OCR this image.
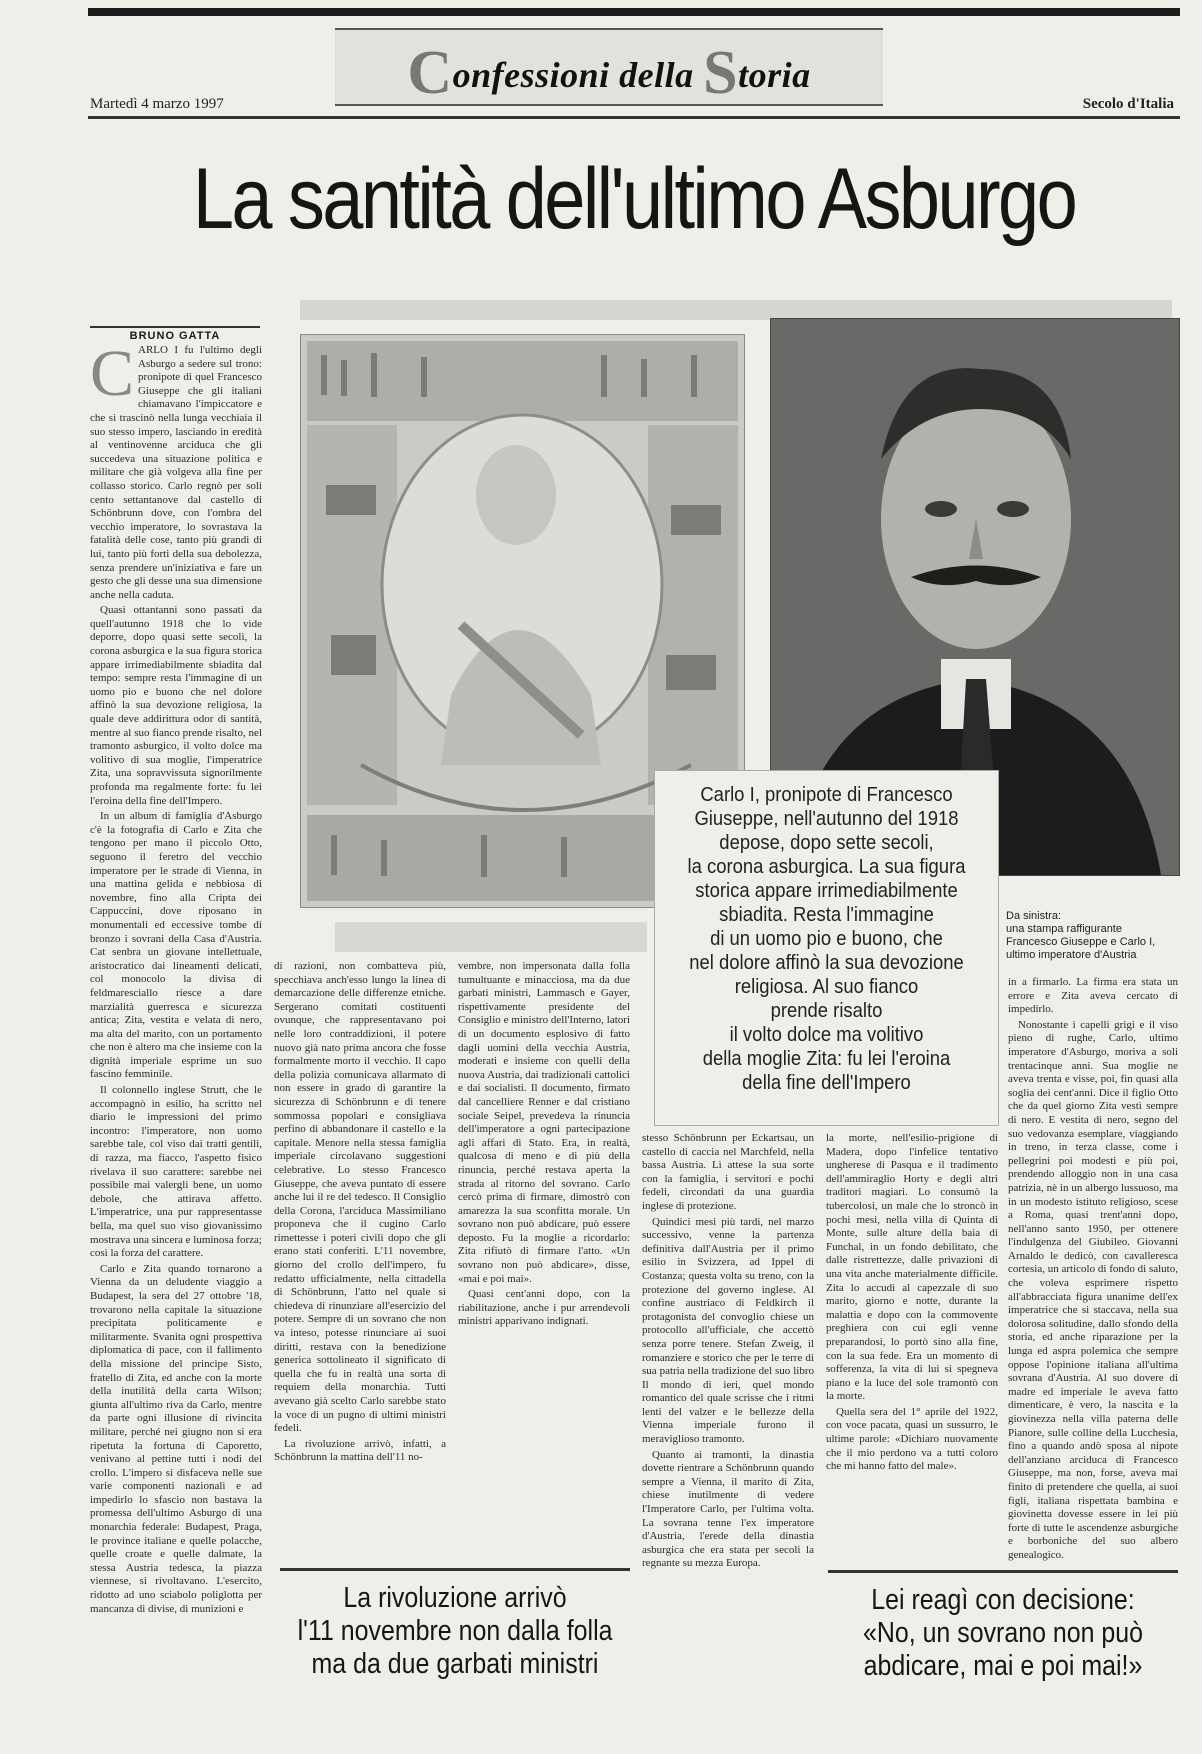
Confessioni della Storia
Martedì 4 marzo 1997	Secolo d'Italia
La santità dell'ultimo Asburgo
BRUNO GATTA
C ARLO I fu l'ultimo degli Asburgo a sedere sul trono: pronipote di quel Francesco Giuseppe che gli italiani chiamavano l'impiccatore e che si trascinò nella lunga vecchiaia il suo stesso impero, lasciando in eredità al ventinovenne arciduca che gli succedeva una situazione politica e militare che già volgeva alla fine per collasso storico. Carlo regnò per soli cento settantanove dal castello di Schönbrunn dove, con l'ombra del vecchio imperatore, lo sovrastava la fatalità delle cose, tanto più grandi di lui, tanto più forti della sua debolezza, senza prendere un'iniziativa e fare un gesto che gli desse una sua dimensione anche nella caduta.

Quasi ottantanni sono passati da quell'autunno 1918 che lo vide deporre, dopo quasi sette secoli, la corona asburgica e la sua figura storica appare irrimediabilmente sbiadita dal tempo: sempre resta l'immagine di un uomo pio e buono che nel dolore affinò la sua devozione religiosa, la quale deve addirittura odor di santità, mentre al suo fianco prende risalto, nel tramonto asburgico, il volto dolce ma volitivo di sua moglie, l'imperatrice Zita, una sopravvissuta signorilmente profonda ma regalmente forte: fu lei l'eroina della fine dell'Impero.

In un album di famiglia d'Asburgo c'è la fotografia di Carlo e Zita che tengono per mano il piccolo Otto, seguono il feretro del vecchio imperatore per le strade di Vienna, in una mattina gelida e nebbiosa di novembre, fino alla Cripta dei Cappuccini, dove riposano in monumentali ed eccessive tombe di bronzo i sovrani della Casa d'Austria. Cat senbra un giovane intellettuale, aristocratico dai lineamenti delicati, col monocolo la divisa di feldmaresciallo riesce a dare marzialità guerresca e sicurezza antica; Zita, vestita e velata di nero, ma alta del marito, con un portamento che non è altero ma che insieme con la dignità imperiale esprime un suo fascino femminile.

Il colonnello inglese Strutt, che le accompagnò in esilio, ha scritto nel diario le impressioni del primo incontro: l'imperatore, non uomo sarebbe tale, col viso dai tratti gentili, di razza, ma fiacco, l'aspetto fisico rivelava il suo carattere: sarebbe nei possibile mai valergli bene, un uomo debole, che attirava affetto. L'imperatrice, una pur rappresentasse bella, ma quel suo viso giovanissimo mostrava una sincera e luminosa forza; così la forza del carattere.

Carlo e Zita quando tornarono a Vienna da un deludente viaggio a Budapest, la sera del 27 ottobre '18, trovarono nella capitale la situazione precipitata politicamente e militarmente. Svanita ogni prospettiva diplomatica di pace, con il fallimento della missione del principe Sisto, fratello di Zita, ed anche con la morte della inutilità della carta Wilson; giunta all'ultimo riva da Carlo, mentre da parte ogni illusione di rivincita militare, perché nei giugno non si era ripetuta la fortuna di Caporetto, venivano al pettine tutti i nodi del crollo. L'impero si disfaceva nelle sue varie componenti nazionali e ad impedirlo lo sfascio non bastava la promessa dell'ultimo Asburgo di una monarchia federale: Budapest, Praga, le province italiane e quelle polacche, quelle croate e quelle dalmate, la stessa Austria tedesca, la piazza viennese, si rivoltavano. L'esercito, ridotto ad uno sciabolo poliglotta per mancanza di divise, di munizioni e

Carlo I, pronipote di Francesco
Giuseppe, nell'autunno del 1918
depose, dopo sette secoli,
la corona asburgica. La sua figura
storica appare irrimediabilmente
sbiadita. Resta l'immagine
di un uomo pio e buono, che
nel dolore affinò la sua devozione
religiosa. Al suo fianco
prende risalto
il volto dolce ma volitivo
della moglie Zita: fu lei l'eroina
della fine dell'Impero
Da sinistra:
una stampa raffigurante
Francesco Giuseppe e Carlo I,
ultimo imperatore d'Austria

di razioni, non combatteva più, specchiava anch'esso lungo la linea di demarcazione delle differenze etniche. Sergerano comitati costituenti ovunque, che rappresentavano poi nelle loro contraddizioni, il potere nuovo già nato prima ancora che fosse formalmente morto il vecchio. Il capo della polizia comunicava allarmato di non essere in grado di garantire la sicurezza di Schönbrunn e di tenere sommossa popolari e consigliava perfino di abbandonare il castello e la capitale. Menore nella stessa famiglia imperiale circolavano suggestioni celebrative. Lo stesso Francesco Giuseppe, che aveva puntato di essere anche lui il re del tedesco. Il Consiglio della Corona, l'arciduca Massimiliano proponeva che il cugino Carlo rimettesse i poteri civili dopo che gli erano stati conferiti. L'11 novembre, giorno del crollo dell'impero, fu redatto ufficialmente, nella cittadella di Schönbrunn, l'atto nel quale si chiedeva di rinunziare all'esercizio del potere. Sempre di un sovrano che non va inteso, potesse rinunciare ai suoi diritti, restava con la benedizione generica sottolineato il significato di quella che fu in realtà una sorta di requiem della monarchia. Tutti avevano già scelto Carlo sarebbe stato la voce di un pugno di ultimi ministri fedeli.

La rivoluzione arrivò, infatti, a Schönbrunn la mattina dell'11 no-

vembre, non impersonata dalla folla tumultuante e minacciosa, ma da due garbati ministri, Lammasch e Gayer, rispettivamente presidente del Consiglio e ministro dell'Interno, latori di un documento esplosivo di fatto dagli uomini della vecchia Austria, moderati e insieme con quelli della nuova Austria, dai tradizionali cattolici e dai socialisti. Il documento, firmato dal cancelliere Renner e dal cristiano sociale Seipel, prevedeva la rinuncia dell'imperatore a ogni partecipazione agli affari di Stato. Era, in realtà, qualcosa di meno e di più della rinuncia, perché restava aperta la strada al ritorno del sovrano. Carlo cercò prima di firmare, dimostrò con amarezza la sua sconfitta morale. Un sovrano non può abdicare, può essere deposto. Fu la moglie a ricordarlo: Zita rifiutò di firmare l'atto. «Un sovrano non può abdicare», disse, «mai e poi mai».

Quasi cent'anni dopo, con la riabilitazione, anche i pur arrendevoli ministri apparivano indignati.

stesso Schönbrunn per Eckartsau, un castello di caccia nel Marchfeld, nella bassa Austria. Lì attese la sua sorte con la famiglia, i servitori e pochi fedeli, circondati da una guardia inglese di protezione.

Quindici mesi più tardi, nel marzo successivo, venne la partenza definitiva dall'Austria per il primo esilio in Svizzera, ad Ippel di Costanza; questa volta su treno, con la protezione del governo inglese. Al confine austriaco di Feldkirch il protagonista del convoglio chiese un protocollo all'ufficiale, che accettò senza porre tenere. Stefan Zweig, il romanziere e storico che per le terre di sua patria nella tradizione del suo libro Il mondo di ieri, quel mondo romantico del quale scrisse che i ritmi lenti del valzer e le bellezze della Vienna imperiale furono il meraviglioso tramonto.

Quanto ai tramonti, la dinastia dovette rientrare a Schönbrunn quando sempre a Vienna, il marito di Zita, chiese inutilmente di vedere l'Imperatore Carlo, per l'ultima volta. La sovrana tenne l'ex imperatore d'Austria, l'erede della dinastia asburgica che era stata per secoli la regnante su mezza Europa.

la morte, nell'esilio-prigione di Madera, dopo l'infelice tentativo ungherese di Pasqua e il tradimento dell'ammiraglio Horty e degli altri traditori magiari. Lo consumò la tubercolosi, un male che lo stroncò in pochi mesi, nella villa di Quinta di Monte, sulle alture della baia di Funchal, in un fondo debilitato, che dalle ristrettezze, dalle privazioni di una vita anche materialmente difficile. Zita lo accudì al capezzale di suo marito, giorno e notte, durante la malattia e dopo con la commovente preghiera con cui egli venne preparandosi, lo portò sino alla fine, con la sua fede. Era un momento di sofferenza, la vita di lui si spegneva piano e la luce del sole tramontò con la morte.

Quella sera del 1° aprile del 1922, con voce pacata, quasi un sussurro, le ultime parole: «Dichiaro nuovamente che il mio perdono va a tutti coloro che mi hanno fatto del male».

in a firmarlo. La firma era stata un errore e Zita aveva cercato di impedirlo.

Nonostante i capelli grigi e il viso pieno di rughe, Carlo, ultimo imperatore d'Asburgo, moriva a soli trentacinque anni. Sua moglie ne aveva trenta e visse, poi, fin quasi alla soglia dei cent'anni. Dice il figlio Otto che da quel giorno Zita vestì sempre di nero. E vestita di nero, segno del suo vedovanza esemplare, viaggiando in treno, in terza classe, come i pellegrini poi modesti e più poi, prendendo alloggio non in una casa patrizia, nè in un albergo lussuoso, ma in un modesto istituto religioso, scese a Roma, quasi trent'anni dopo, nell'anno santo 1950, per ottenere l'indulgenza del Giubileo. Giovanni Arnaldo le dedicò, con cavalleresca cortesia, un articolo di fondo di saluto, che voleva esprimere rispetto all'abbracciata figura unanime dell'ex imperatrice che si staccava, nella sua dolorosa solitudine, dallo sfondo della storia, ed anche riparazione per la lunga ed aspra polemica che sempre oppose l'opinione italiana all'ultima sovrana d'Austria. Al suo dovere di madre ed imperiale le aveva fatto dimenticare, è vero, la nascita e la giovinezza nella villa paterna delle Pianore, sulle colline della Lucchesia, fino a quando andò sposa al nipote dell'anziano arciduca di Francesco Giuseppe, ma non, forse, aveva mai finito di pretendere che quella, ai suoi figli, italiana rispettata bambina e giovinetta dovesse essere in lei più forte di tutte le ascendenze asburgiche e borboniche del suo albero genealogico.

La rivoluzione arrivò
l'11 novembre non dalla folla
ma da due garbati ministri
Lei reagì con decisione:
«No, un sovrano non può
abdicare, mai e poi mai!»
